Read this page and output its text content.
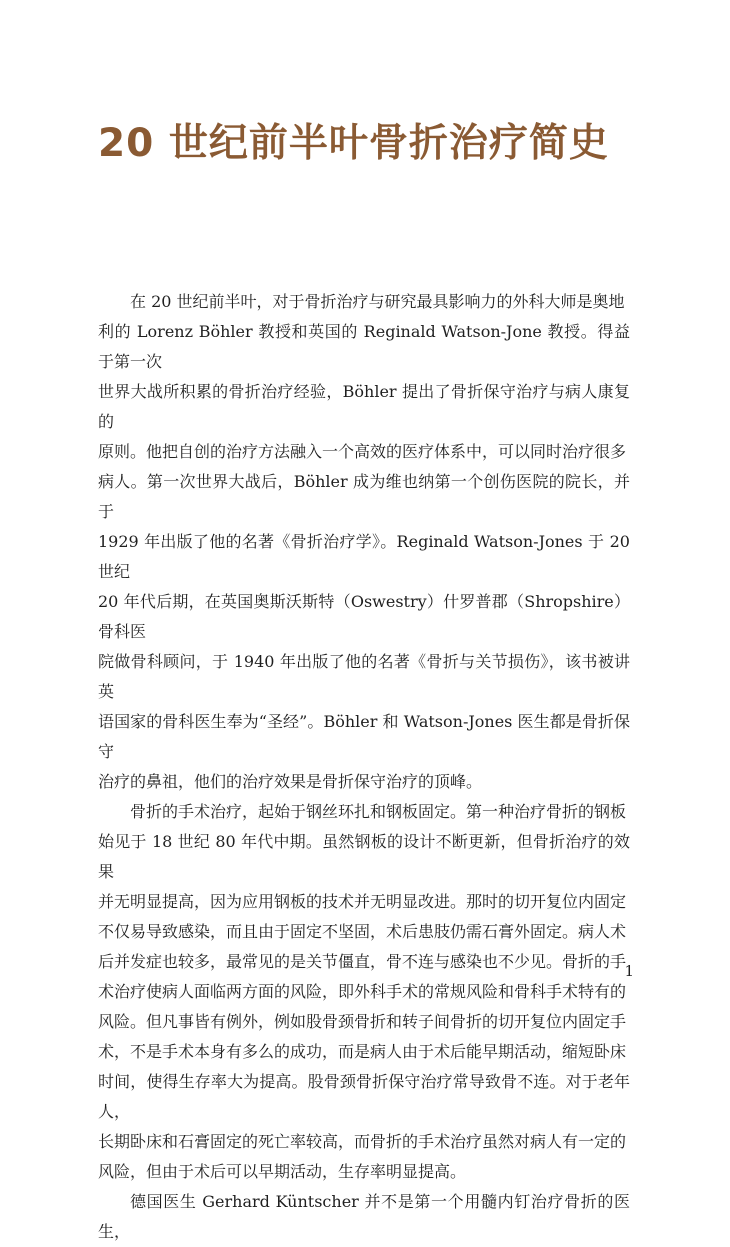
20 世纪前半叶骨折治疗简史

在 20 世纪前半叶，对于骨折治疗与研究最具影响力的外科大师是奥地
利的 Lorenz Böhler 教授和英国的 Reginald Watson-Jone 教授。得益于第一次
世界大战所积累的骨折治疗经验，Böhler 提出了骨折保守治疗与病人康复的
原则。他把自创的治疗方法融入一个高效的医疗体系中，可以同时治疗很多
病人。第一次世界大战后，Böhler 成为维也纳第一个创伤医院的院长，并于
1929 年出版了他的名著《骨折治疗学》。Reginald Watson-Jones 于 20 世纪
20 年代后期，在英国奥斯沃斯特（Oswestry）什罗普郡（Shropshire）骨科医
院做骨科顾问，于 1940 年出版了他的名著《骨折与关节损伤》，该书被讲英
语国家的骨科医生奉为“圣经”。Böhler 和 Watson-Jones 医生都是骨折保守
治疗的鼻祖，他们的治疗效果是骨折保守治疗的顶峰。

骨折的手术治疗，起始于钢丝环扎和钢板固定。第一种治疗骨折的钢板
始见于 18 世纪 80 年代中期。虽然钢板的设计不断更新，但骨折治疗的效果
并无明显提高，因为应用钢板的技术并无明显改进。那时的切开复位内固定
不仅易导致感染，而且由于固定不坚固，术后患肢仍需石膏外固定。病人术
后并发症也较多，最常见的是关节僵直，骨不连与感染也不少见。骨折的手
术治疗使病人面临两方面的风险，即外科手术的常规风险和骨科手术特有的
风险。但凡事皆有例外，例如股骨颈骨折和转子间骨折的切开复位内固定手
术，不是手术本身有多么的成功，而是病人由于术后能早期活动，缩短卧床
时间，使得生存率大为提高。股骨颈骨折保守治疗常导致骨不连。对于老年人，
长期卧床和石膏固定的死亡率较高，而骨折的手术治疗虽然对病人有一定的
风险，但由于术后可以早期活动，生存率明显提高。

德国医生 Gerhard Küntscher 并不是第一个用髓内钉治疗骨折的医生，

1
